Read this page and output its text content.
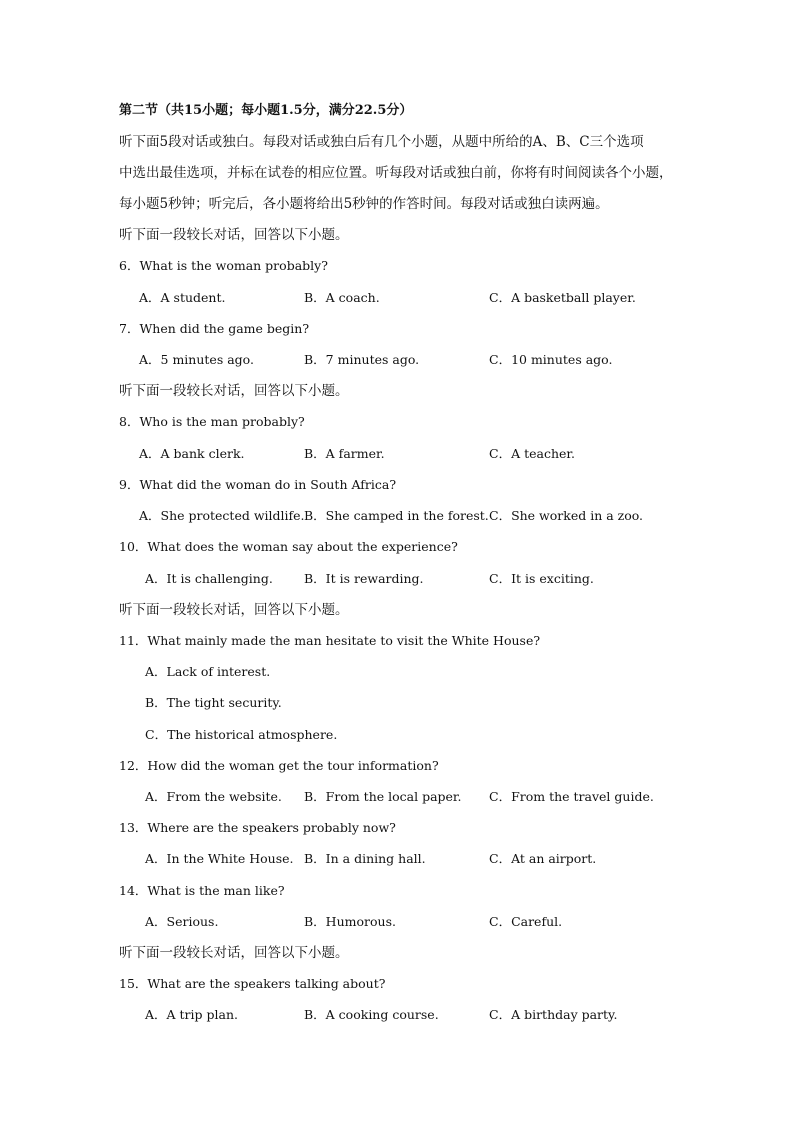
第二节（共15小题；每小题1.5分，满分22.5分）
听下面5段对话或独白。每段对话或独白后有几个小题，从题中所给的A、B、C三个选项
中选出最佳选项，并标在试卷的相应位置。听每段对话或独白前，你将有时间阅读各个小题，
每小题5秒钟；听完后，各小题将给出5秒钟的作答时间。每段对话或独白读两遍。
听下面一段较长对话，回答以下小题。
6．What is the woman probably?
A．A student.	B．A coach.	C．A basketball player.
7．When did the game begin?
A．5 minutes ago.	B．7 minutes ago.	C．10 minutes ago.
听下面一段较长对话，回答以下小题。
8．Who is the man probably?
A．A bank clerk.	B．A farmer.	C．A teacher.
9．What did the woman do in South Africa?
A．She protected wildlife. B．She camped in the forest. C．She worked in a zoo.
10．What does the woman say about the experience?
A．It is challenging. B．It is rewarding.	C．It is exciting.
听下面一段较长对话，回答以下小题。
11．What mainly made the man hesitate to visit the White House?
A．Lack of interest.
B．The tight security.
C．The historical atmosphere.
12．How did the woman get the tour information?
A．From the website. B．From the local paper. C．From the travel guide.
13．Where are the speakers probably now?
A．In the White House. B．In a dining hall.	C．At an airport.
14．What is the man like?
A．Serious.	B．Humorous.	C．Careful.
听下面一段较长对话，回答以下小题。
15．What are the speakers talking about?
A．A trip plan.	B．A cooking course.	C．A birthday party.
